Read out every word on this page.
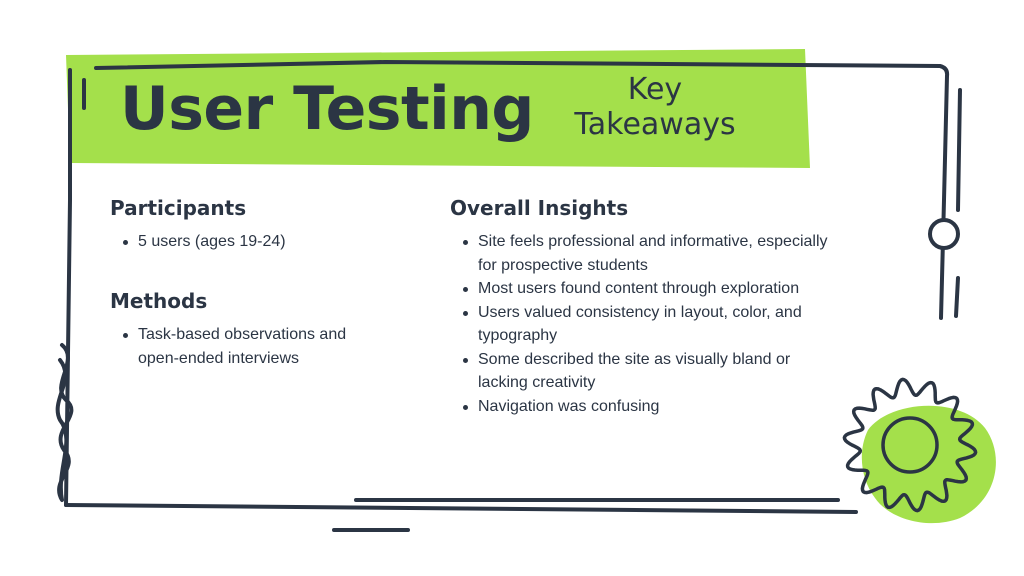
User Testing	Key
Takeaways
Participants
5 users (ages 19-24)
Methods
Task-based observations and open-ended interviews
Overall Insights
Site feels professional and informative, especially for prospective students
Most users found content through exploration
Users valued consistency in layout, color, and typography
Some described the site as visually bland or lacking creativity
Navigation was confusing
